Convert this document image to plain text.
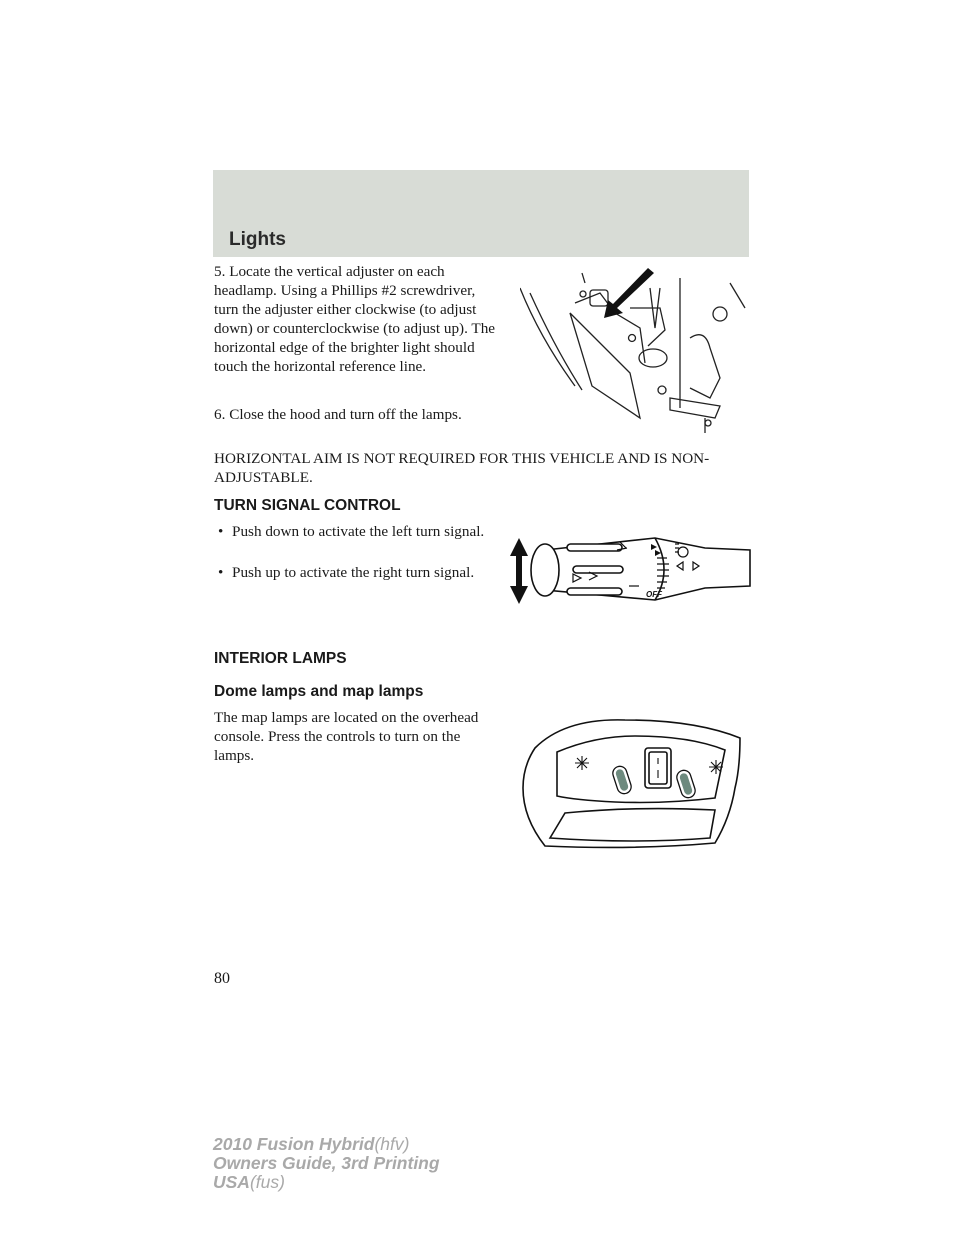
Lights

5. Locate the vertical adjuster on each headlamp. Using a Phillips #2 screwdriver, turn the adjuster either clockwise (to adjust down) or counterclockwise (to adjust up). The horizontal edge of the brighter light should touch the horizontal reference line.

6. Close the hood and turn off the lamps.

HORIZONTAL AIM IS NOT REQUIRED FOR THIS VEHICLE AND IS NON-ADJUSTABLE.

TURN SIGNAL CONTROL
• Push down to activate the left turn signal.
• Push up to activate the right turn signal.
INTERIOR LAMPS
Dome lamps and map lamps

The map lamps are located on the overhead console. Press the controls to turn on the lamps.

OFF
80
2010 Fusion Hybrid(hfv)
Owners Guide, 3rd Printing
USA(fus)
